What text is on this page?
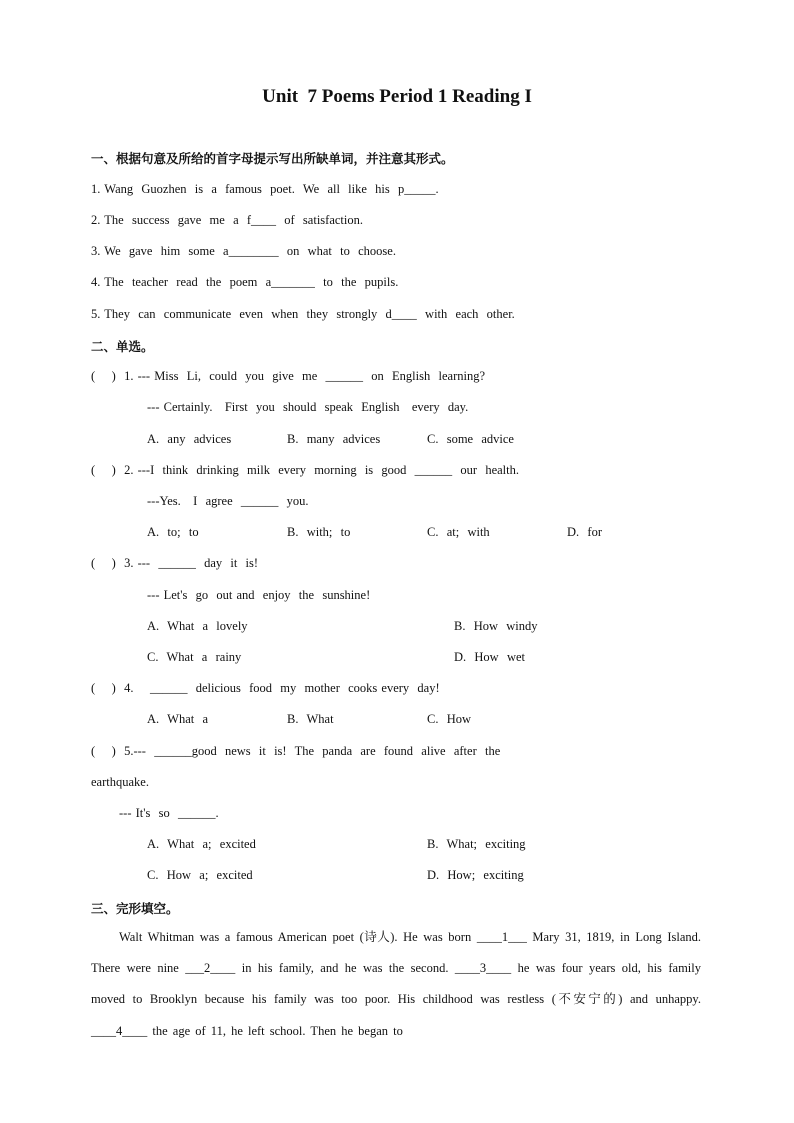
Unit  7 Poems Period 1 Reading I
一、根据句意及所给的首字母提示写出所缺单词，并注意其形式。
1. Wang  Guozhen  is  a  famous  poet.  We  all  like  his  p_____.
2. The  success  gave  me  a  f____  of  satisfaction.
3. We  gave  him  some  a________  on  what  to  choose.
4. The  teacher  read  the  poem  a_______  to  the  pupils.
5. They  can  communicate  even  when  they  strongly  d____  with  each  other.
二、单选。
(    )  1. --- Miss  Li,  could  you  give  me  ______  on  English  learning?
--- Certainly.   First  you  should  speak  English   every  day.
A.  any  advices	B.  many  advices	C.  some  advice
(    )  2. ---I  think  drinking  milk  every  morning  is  good  ______  our  health.
---Yes.   I  agree  ______  you.
A.  to;  to	B.  with;  to	C.  at;  with	D.  for
(    )  3. ---  ______  day  it  is!
--- Let's  go  out and  enjoy  the  sunshine!
A.  What  a  lovely	B.  How  windy
C.  What  a  rainy	D.  How  wet
(    )  4.    ______  delicious  food  my  mother  cooks every  day!
A.  What  a	B.  What	C.  How
(    )  5.---  ______good  news  it  is!  The  panda  are  found  alive  after  the
earthquake.
--- It's  so  ______.
A.  What  a;  excited	B.  What;  exciting
C.  How  a;  excited	D.  How;  exciting
三、完形填空。
Walt Whitman was a famous American poet (诗人). He was born ____1___ Mary 31, 1819, in Long Island. There were nine ___2____ in his family, and he was the second. ____3____ he was four years old, his family moved to Brooklyn because his family was too poor. His childhood was restless (不安宁的) and unhappy. ____4____ the age of 11, he left school. Then he began to
